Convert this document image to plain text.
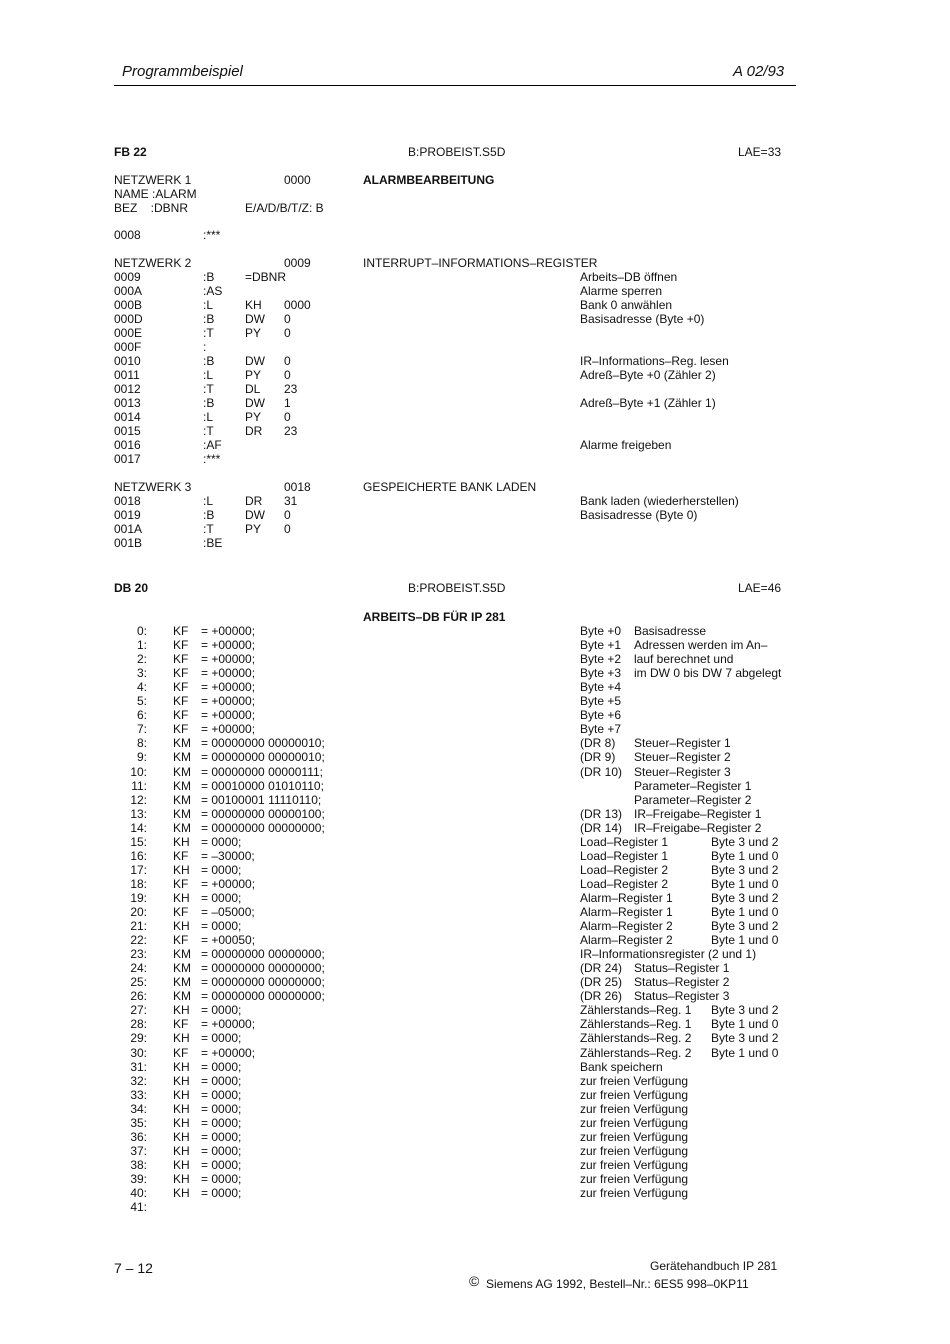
Programmbeispiel	A 02/93
FB 22	B:PROBEIST.S5D	LAE=33
NETZWERK 1	0000	ALARMBEARBEITUNG
NAME :ALARM
BEZ    :DBNR	E/A/D/B/T/Z: B
0008	:***
NETZWERK 2	0009	INTERRUPT–INFORMATIONS–REGISTER
0009	:B	=DBNR	Arbeits–DB öffnen
000A	:AS	Alarme sperren
000B	:L	KH 0000	Bank 0 anwählen
000D	:B	DW 0	Basisadresse (Byte +0)
000E	:T	PY 0
000F	:
0010	:B	DW 0	IR–Informations–Reg. lesen
0011	:L	PY 0	Adreß–Byte +0 (Zähler 2)
0012	:T	DL 23
0013	:B	DW 1	Adreß–Byte +1 (Zähler 1)
0014	:L	PY 0
0015	:T	DR 23
0016	:AF	Alarme freigeben
0017	:***
NETZWERK 3	0018	GESPEICHERTE BANK LADEN
0018	:L	DR 31	Bank laden (wiederherstellen)
0019	:B	DW 0	Basisadresse (Byte 0)
001A	:T	PY 0
001B	:BE
DB 20	B:PROBEIST.S5D	LAE=46
ARBEITS–DB FÜR IP 281
0: KF = +00000;	Byte +0 Basisadresse
1: KF = +00000;	Byte +1 Adressen werden im An–
2: KF = +00000;	Byte +2 lauf berechnet und
3: KF = +00000;	Byte +3 im DW 0 bis DW 7 abgelegt
4: KF = +00000;	Byte +4
5: KF = +00000;	Byte +5
6: KF = +00000;	Byte +6
7: KF = +00000;	Byte +7
8: KM = 00000000 00000010;	(DR 8) Steuer–Register 1
9: KM = 00000000 00000010;	(DR 9) Steuer–Register 2
10: KM = 00000000 00000111;	(DR 10) Steuer–Register 3
11: KM = 00010000 01010110;	Parameter–Register 1
12: KM = 00100001 11110110;	Parameter–Register 2
13: KM = 00000000 00000100;	(DR 13) IR–Freigabe–Register 1
14: KM = 00000000 00000000;	(DR 14) IR–Freigabe–Register 2
15: KH = 0000;	Load–Register 1	Byte 3 und 2
16: KF = –30000;	Load–Register 1	Byte 1 und 0
17: KH = 0000;	Load–Register 2	Byte 3 und 2
18: KF = +00000;	Load–Register 2	Byte 1 und 0
19: KH = 0000;	Alarm–Register 1	Byte 3 und 2
20: KF = –05000;	Alarm–Register 1	Byte 1 und 0
21: KH = 0000;	Alarm–Register 2	Byte 3 und 2
22: KF = +00050;	Alarm–Register 2	Byte 1 und 0
23: KM = 00000000 00000000;	IR–Informationsregister (2 und 1)
24: KM = 00000000 00000000;	(DR 24) Status–Register 1
25: KM = 00000000 00000000;	(DR 25) Status–Register 2
26: KM = 00000000 00000000;	(DR 26) Status–Register 3
27: KH = 0000;	Zählerstands–Reg. 1 Byte 3 und 2
28: KF = +00000;	Zählerstands–Reg. 1 Byte 1 und 0
29: KH = 0000;	Zählerstands–Reg. 2 Byte 3 und 2
30: KF = +00000;	Zählerstands–Reg. 2 Byte 1 und 0
31: KH = 0000;	Bank speichern
32: KH = 0000;	zur freien Verfügung
33: KH = 0000;	zur freien Verfügung
34: KH = 0000;	zur freien Verfügung
35: KH = 0000;	zur freien Verfügung
36: KH = 0000;	zur freien Verfügung
37: KH = 0000;	zur freien Verfügung
38: KH = 0000;	zur freien Verfügung
39: KH = 0000;	zur freien Verfügung
40: KH = 0000;	zur freien Verfügung
41:
7 – 12	Gerätehandbuch IP 281
© Siemens AG 1992, Bestell–Nr.: 6ES5 998–0KP11
